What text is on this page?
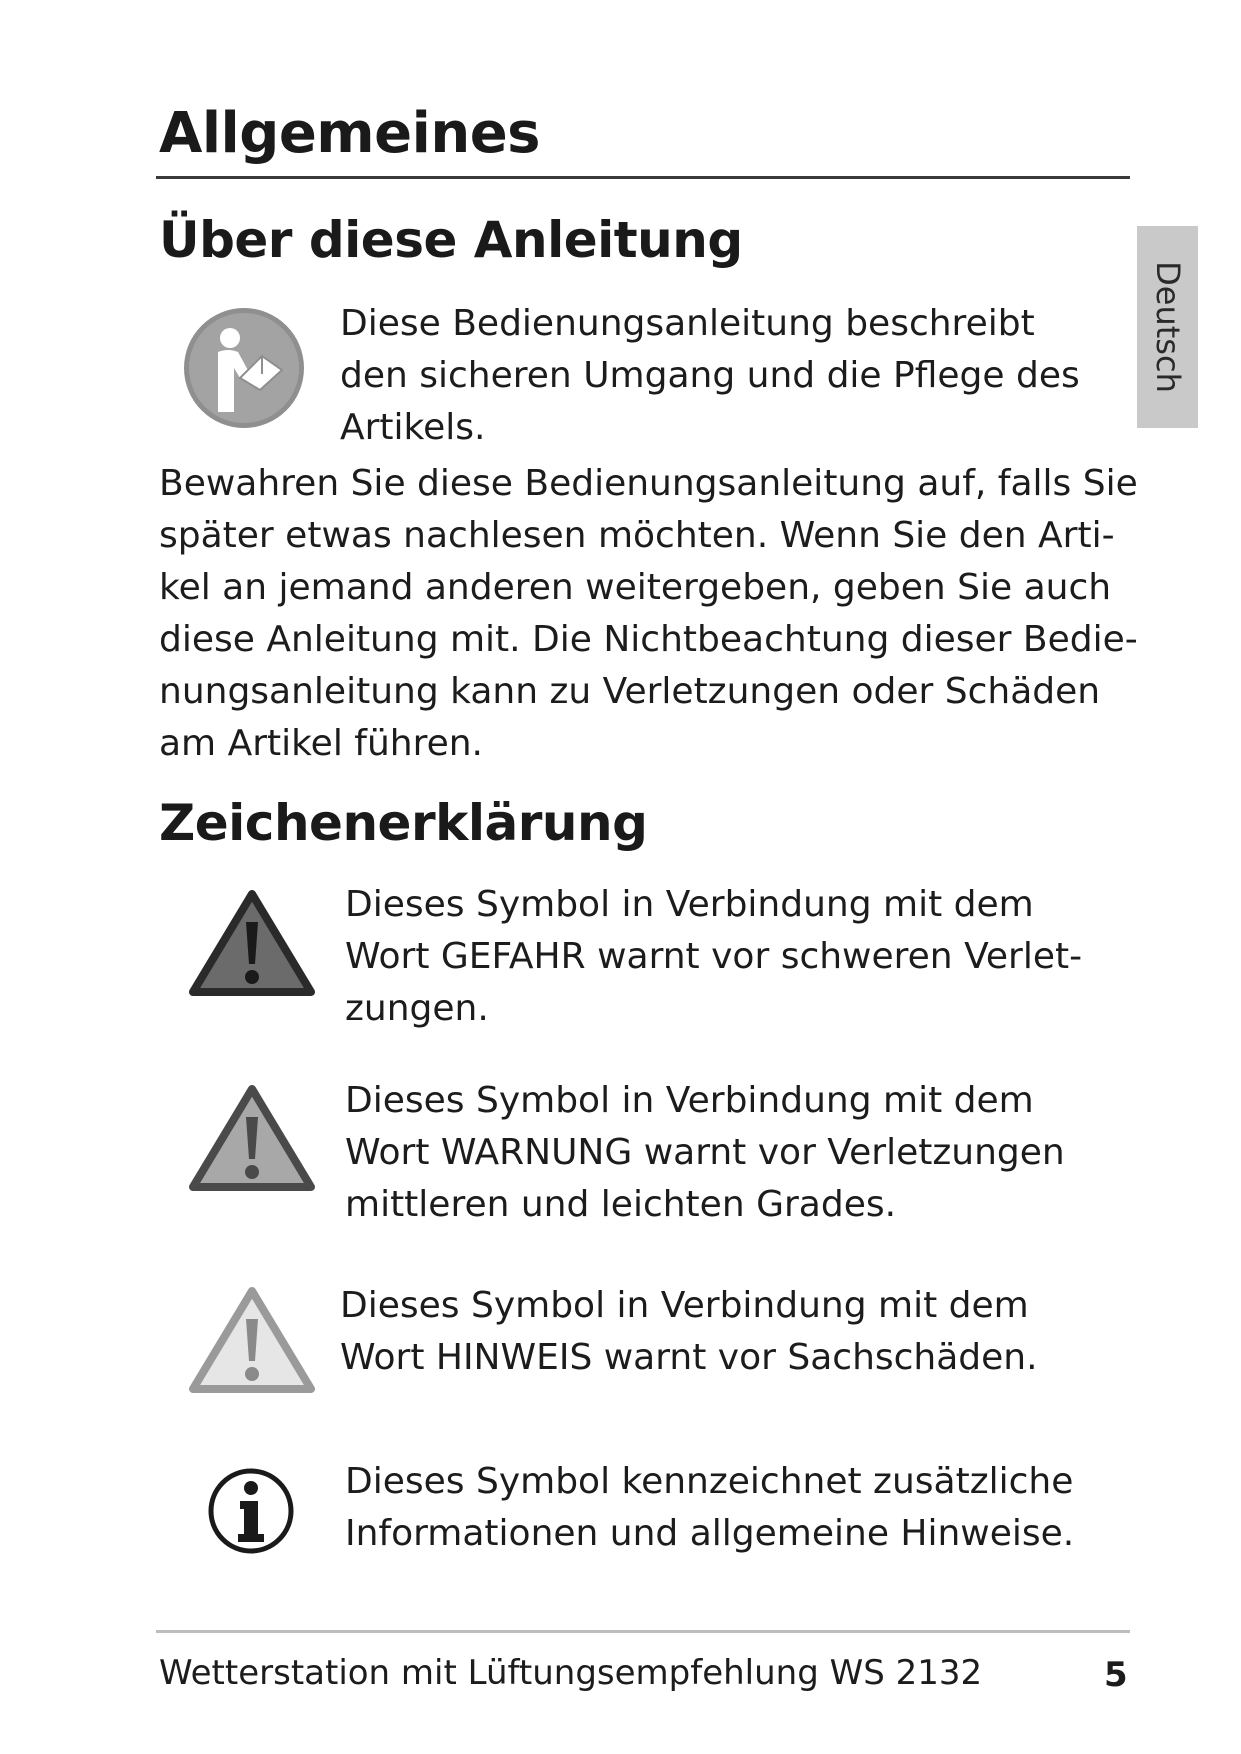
Allgemeines
Deutsch
Über diese Anleitung
Diese Bedienungsanleitung beschreibt
den sicheren Umgang und die Pflege des
Artikels.
Bewahren Sie diese Bedienungsanleitung auf, falls Sie
später etwas nachlesen möchten. Wenn Sie den Arti-
kel an jemand anderen weitergeben, geben Sie auch
diese Anleitung mit. Die Nichtbeachtung dieser Bedie-
nungsanleitung kann zu Verletzungen oder Schäden
am Artikel führen.
Zeichenerklärung
Dieses Symbol in Verbindung mit dem
Wort GEFAHR warnt vor schweren Verlet-
zungen.
Dieses Symbol in Verbindung mit dem
Wort WARNUNG warnt vor Verletzungen
mittleren und leichten Grades.
Dieses Symbol in Verbindung mit dem
Wort HINWEIS warnt vor Sachschäden.
Dieses Symbol kennzeichnet zusätzliche
Informationen und allgemeine Hinweise.
Wetterstation mit Lüftungsempfehlung WS 2132	5
